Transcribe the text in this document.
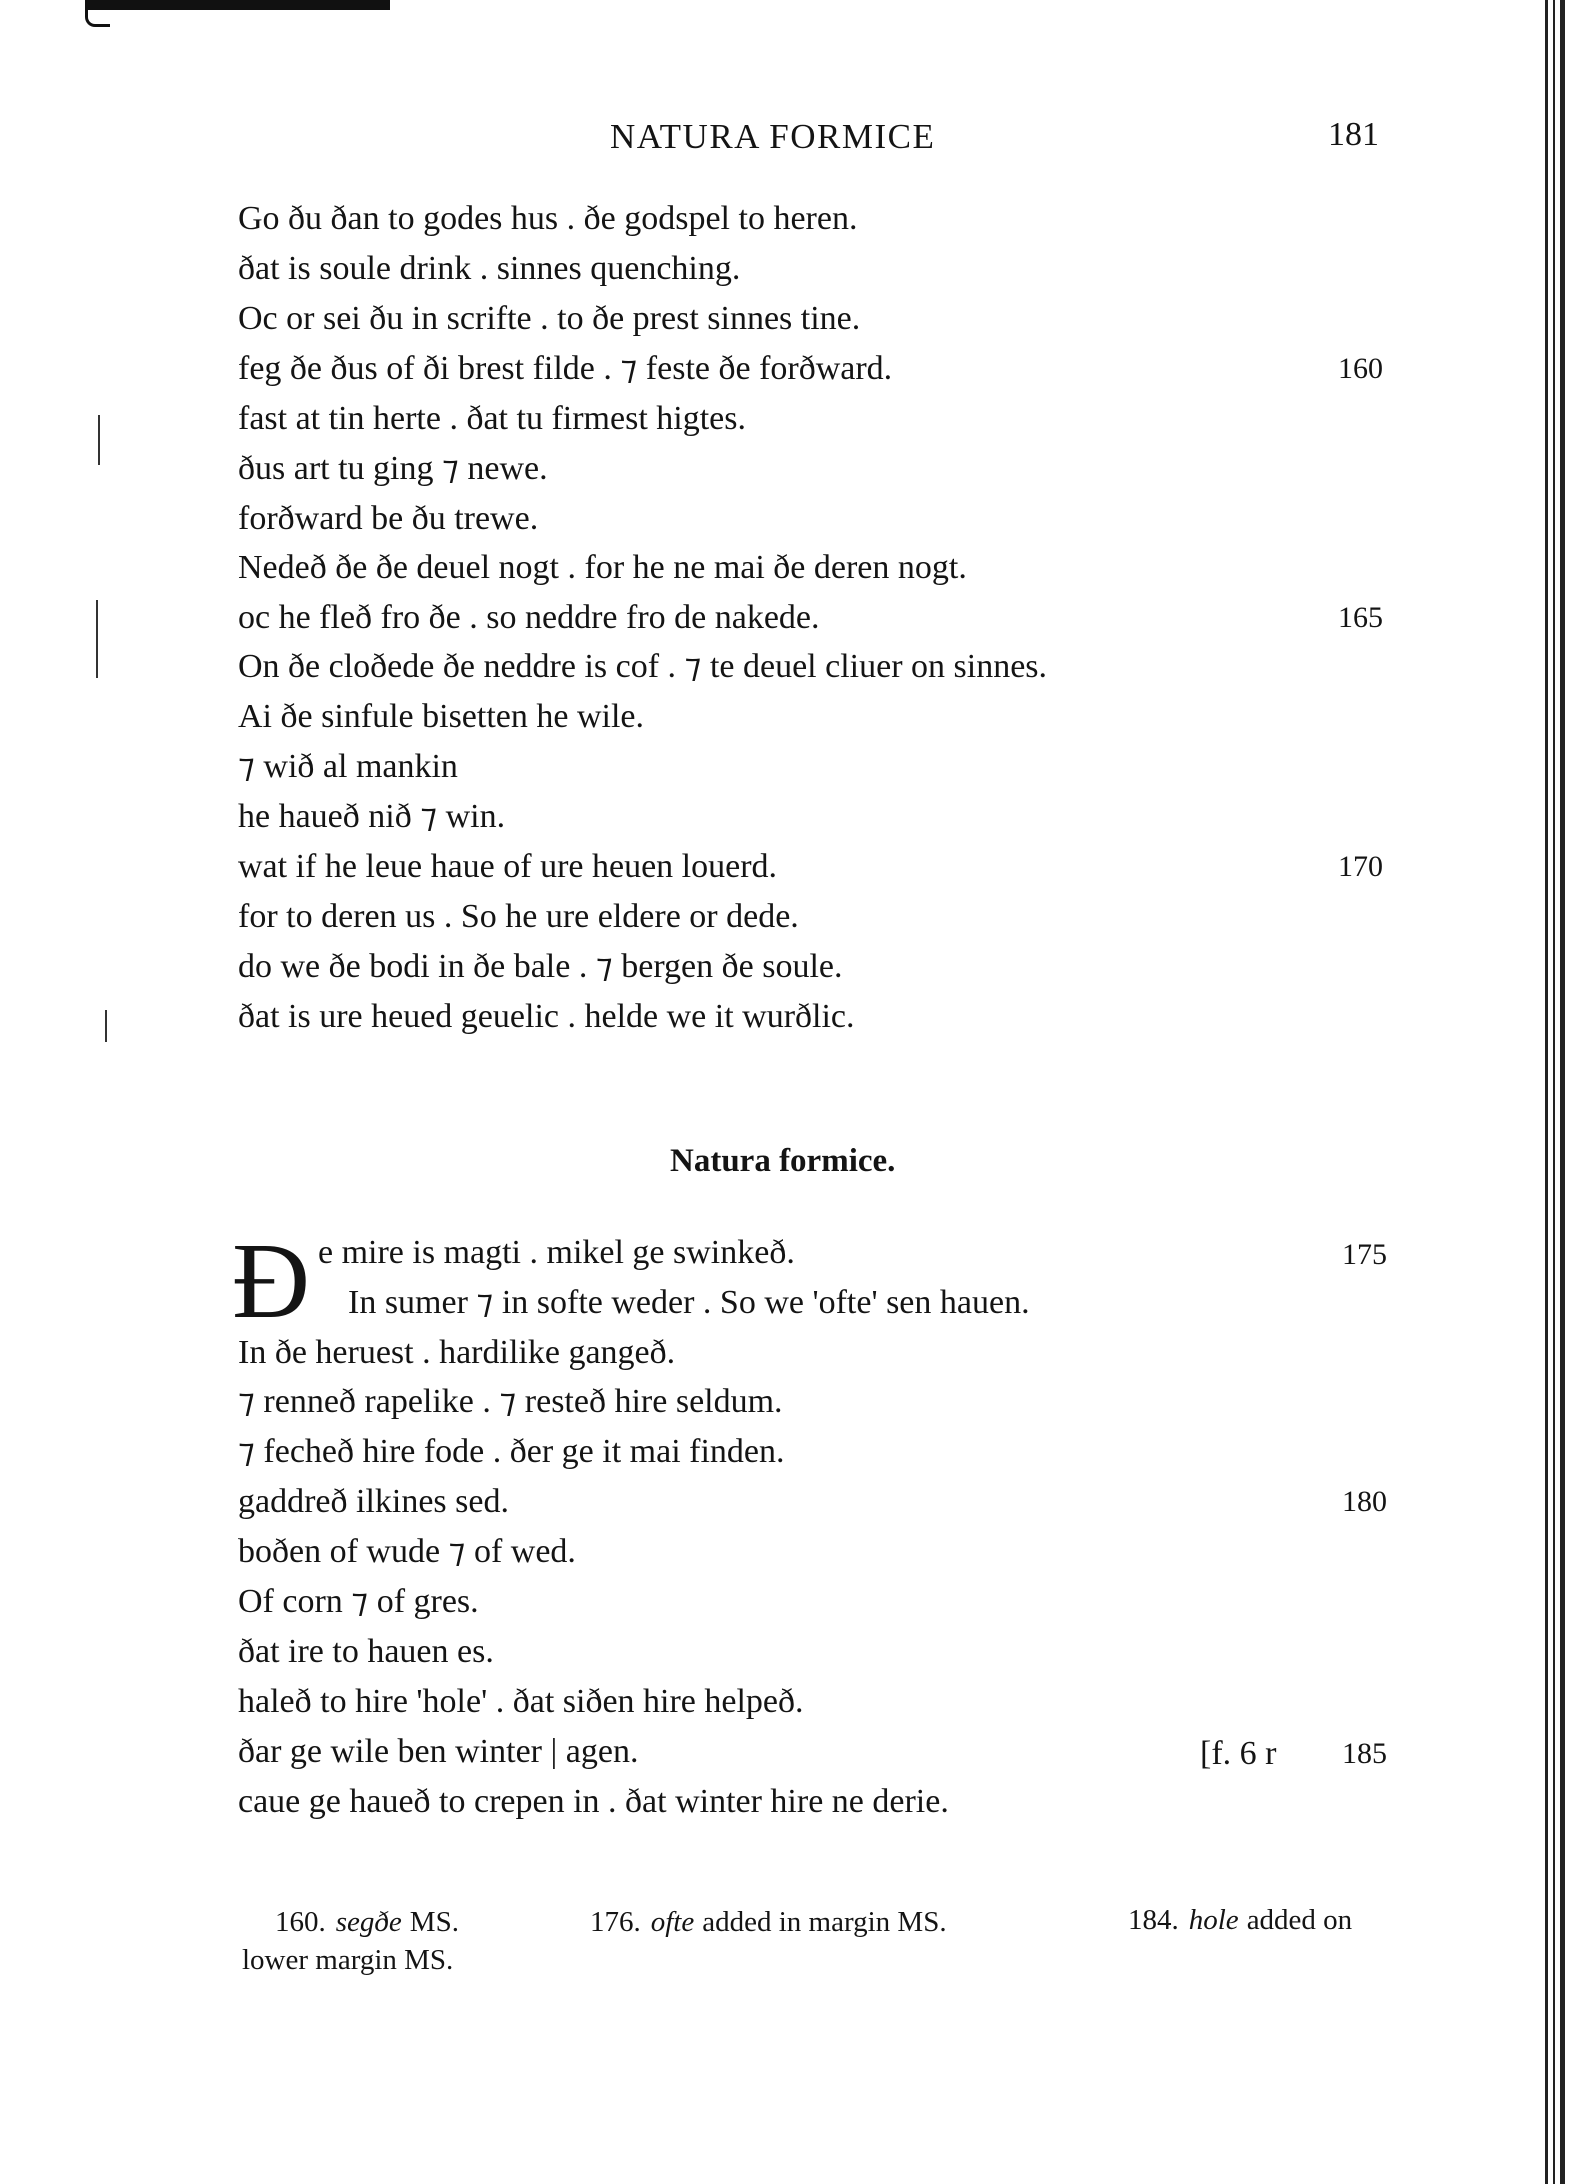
NATURA FORMICE	181
Go ðu ðan to godes hus . ðe godspel to heren.
ðat is soule drink . sinnes quenching.
Oc or sei ðu in scrifte . to ðe prest sinnes tine.
feg ðe ðus of ði brest filde . ⁊ feste ðe forðward.
fast at tin herte . ðat tu firmest higtes.
ðus art tu ging ⁊ newe.
forðward be ðu trewe.
Nedeð ðe ðe deuel nogt . for he ne mai ðe deren nogt.
oc he fleð fro ðe . so neddre fro de nakede.
On ðe cloðede ðe neddre is cof . ⁊ te deuel cliuer on sinnes.
Ai ðe sinfule bisetten he wile.
⁊ wið al mankin
he haueð nið ⁊ win.
wat if he leue haue of ure heuen louerd.
for to deren us . So he ure eldere or dede.
do we ðe bodi in ðe bale . ⁊ bergen ðe soule.
ðat is ure heued geuelic . helde we it wurðlic.
160
165
170
Natura formice.
Ð e mire is magti . mikel ge swinkeð.
In sumer ⁊ in softe weder . So we 'ofte' sen hauen.
In ðe heruest . hardilike gangeð.
⁊ renneð rapelike . ⁊ resteð hire seldum.
⁊ fecheð hire fode . ðer ge it mai finden.
gaddreð ilkines sed.
boðen of wude ⁊ of wed.
Of corn ⁊ of gres.
ðat ire to hauen es.
haleð to hire 'hole' . ðat siðen hire helpeð.
ðar ge wile ben winter | agen.
caue ge haueð to crepen in . ðat winter hire ne derie.
175
180
185
[f. 6 r
160. segðe MS.	176. ofte added in margin MS.	184. hole added on
lower margin MS.
